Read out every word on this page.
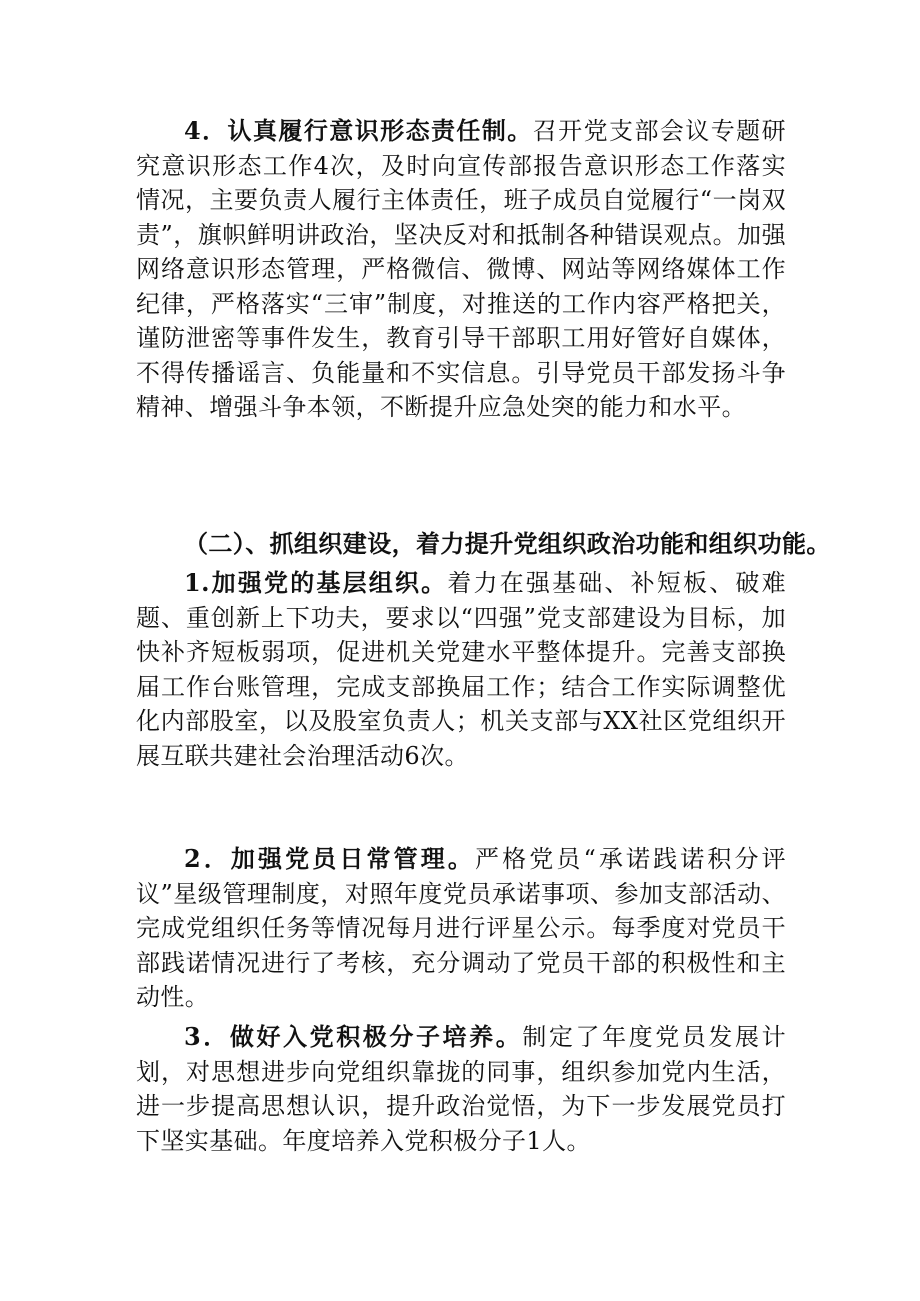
4．认真履行意识形态责任制。召开党支部会议专题研究意识形态工作4次，及时向宣传部报告意识形态工作落实情况，主要负责人履行主体责任，班子成员自觉履行“一岗双责”，旗帜鲜明讲政治，坚决反对和抵制各种错误观点。加强网络意识形态管理，严格微信、微博、网站等网络媒体工作纪律，严格落实“三审”制度，对推送的工作内容严格把关，谨防泄密等事件发生，教育引导干部职工用好管好自媒体，不得传播谣言、负能量和不实信息。引导党员干部发扬斗争精神、增强斗争本领，不断提升应急处突的能力和水平。

（二）、抓组织建设，着力提升党组织政治功能和组织功能。

1.加强党的基层组织。着力在强基础、补短板、破难题、重创新上下功夫，要求以“四强”党支部建设为目标，加快补齐短板弱项，促进机关党建水平整体提升。完善支部换届工作台账管理，完成支部换届工作；结合工作实际调整优化内部股室，以及股室负责人；机关支部与XX社区党组织开展互联共建社会治理活动6次。

2．加强党员日常管理。严格党员“承诺践诺积分评议”星级管理制度，对照年度党员承诺事项、参加支部活动、完成党组织任务等情况每月进行评星公示。每季度对党员干部践诺情况进行了考核，充分调动了党员干部的积极性和主动性。

3．做好入党积极分子培养。制定了年度党员发展计划，对思想进步向党组织靠拢的同事，组织参加党内生活，进一步提高思想认识，提升政治觉悟，为下一步发展党员打下坚实基础。年度培养入党积极分子1人。
